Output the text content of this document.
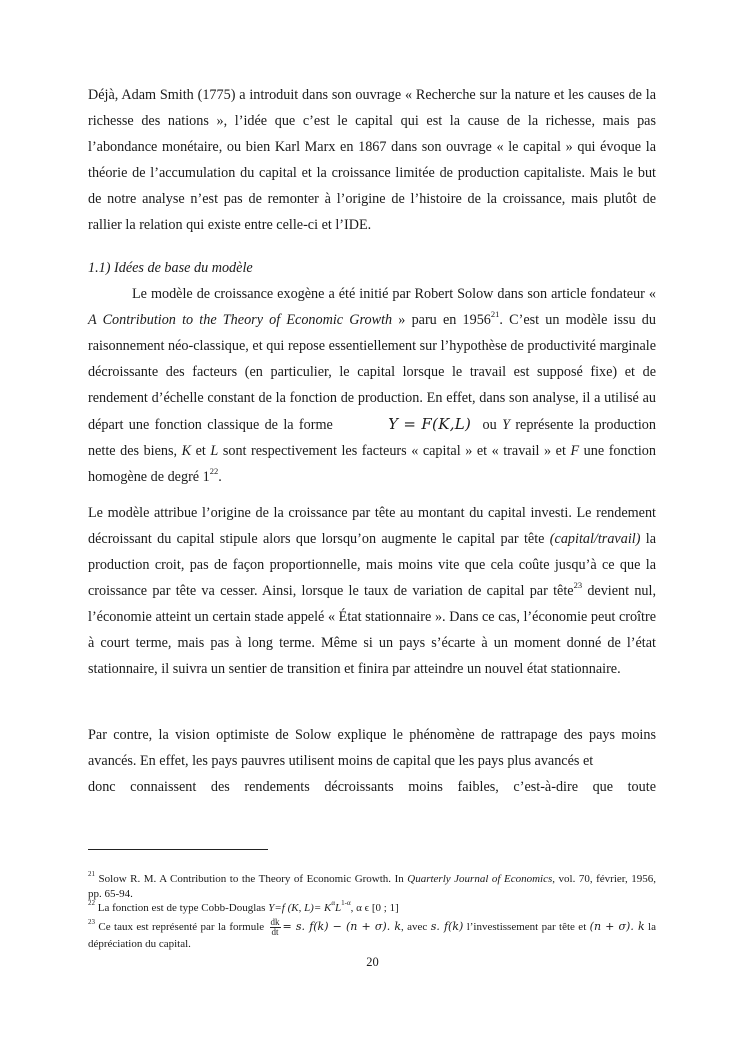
Déjà, Adam Smith (1775) a introduit dans son ouvrage « Recherche sur la nature et les causes de la richesse des nations », l’idée que c’est le capital qui est la cause de la richesse, mais pas l’abondance monétaire, ou bien Karl Marx en 1867 dans son ouvrage « le capital » qui évoque la théorie de l’accumulation du capital et la croissance limitée de production capitaliste. Mais le but de notre analyse n’est pas de remonter à l’origine de l’histoire de la croissance, mais plutôt de rallier la relation qui existe entre celle-ci et l’IDE.

1.1) Idées de base du modèle

Le modèle de croissance exogène a été initié par Robert Solow dans son article fondateur « A Contribution to the Theory of Economic Growth » paru en 1956$^{21}$. C’est un modèle issu du raisonnement néo-classique, et qui repose essentiellement sur l’hypothèse de productivité marginale décroissante des facteurs (en particulier, le capital lorsque le travail est supposé fixe) et de rendement d’échelle constant de la fonction de production. En effet, dans son analyse, il a utilisé au départ une fonction classique de la forme	Y = F(K,L) ou Y représente la production nette des biens, K et L sont respectivement les facteurs « capital » et « travail » et F une fonction homogène de degré $1^{22}$.

Le modèle attribue l’origine de la croissance par tête au montant du capital investi. Le rendement décroissant du capital stipule alors que lorsqu’on augmente le capital par tête (capital/travail) la production croit, pas de façon proportionnelle, mais moins vite que cela coûte jusqu’à ce que la croissance par tête va cesser. Ainsi, lorsque le taux de variation de capital par tête$^{23}$ devient nul, l’économie atteint un certain stade appelé « État stationnaire ». Dans ce cas, l’économie peut croître à court terme, mais pas à long terme. Même si un pays s’écarte à un moment donné de l’état stationnaire, il suivra un sentier de transition et finira par atteindre un nouvel état stationnaire.

Par contre, la vision optimiste de Solow explique le phénomène de rattrapage des pays moins avancés. En effet, les pays pauvres utilisent moins de capital que les pays plus avancés et

donc connaissent des rendements décroissants moins faibles, c’est-à-dire que toute

$^{21}$ Solow R. M. A Contribution to the Theory of Economic Growth. In Quarterly Journal of Economics, vol. 70, février, 1956, pp. 65-94.

$^{22}$ La fonction est de type Cobb-Douglas Y=f (K, $L)= K^\alpha L^{1-\alpha}$, α ϵ [0 ; 1]

$^{23}$ Ce taux est représenté par la formule $\frac{dk}{dt} = s$. f(k) − (n + σ). k, avec s. f(k) l’investissement par tête et (n + σ). k la dépréciation du capital.

20
